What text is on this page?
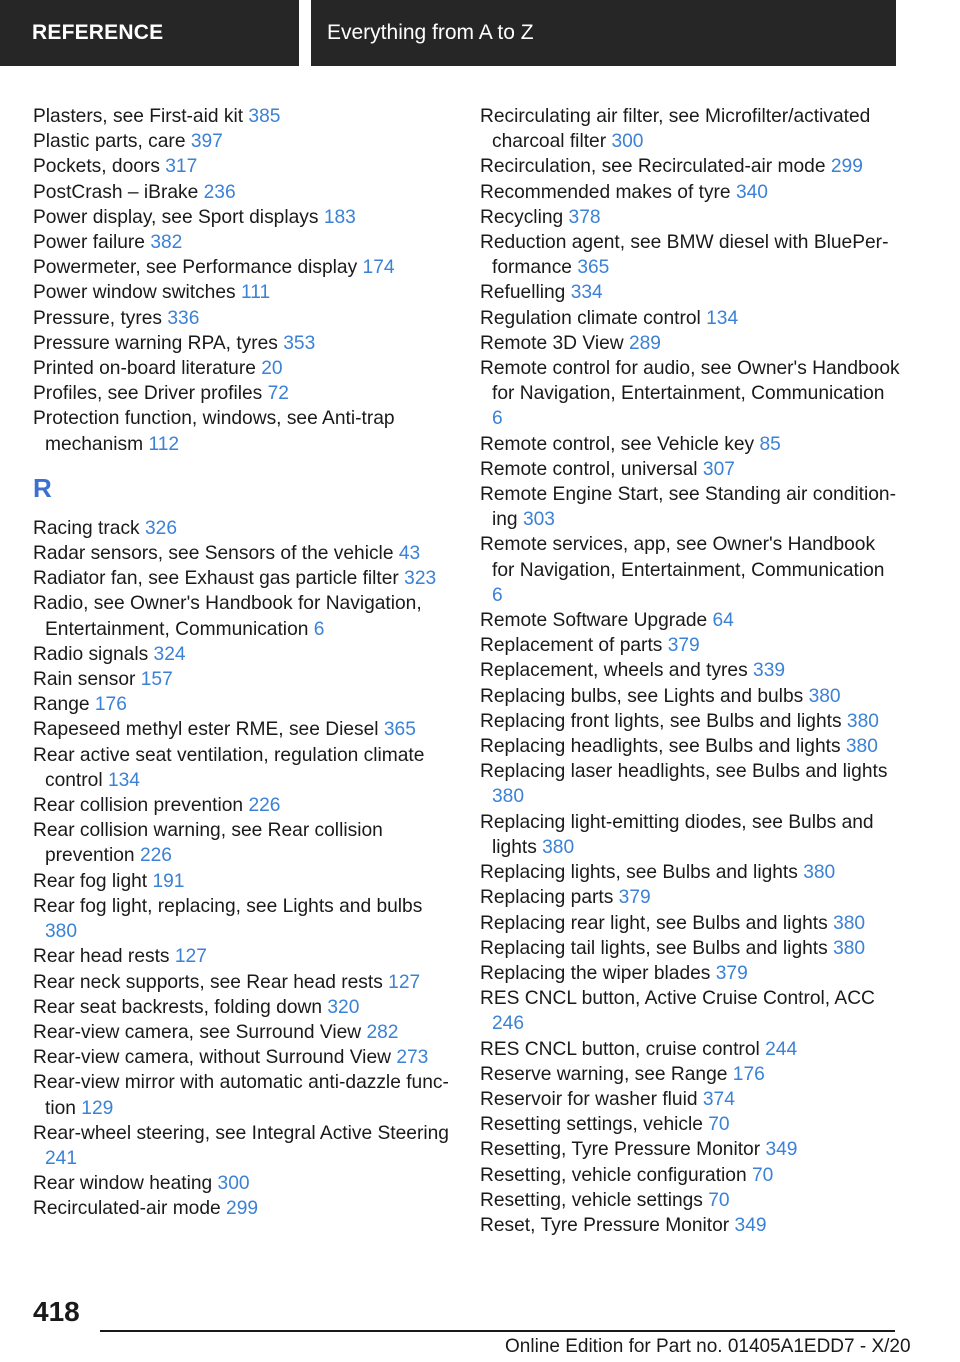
REFERENCE	Everything from A to Z
Plasters, see First-aid kit 385
Plastic parts, care 397
Pockets, doors 317
PostCrash – iBrake 236
Power display, see Sport displays 183
Power failure 382
Powermeter, see Performance display 174
Power window switches 111
Pressure, tyres 336
Pressure warning RPA, tyres 353
Printed on-board literature 20
Profiles, see Driver profiles 72
Protection function, windows, see Anti-trap mechanism 112
R
Racing track 326
Radar sensors, see Sensors of the vehicle 43
Radiator fan, see Exhaust gas particle filter 323
Radio, see Owner's Handbook for Navigation, Entertainment, Communication 6
Radio signals 324
Rain sensor 157
Range 176
Rapeseed methyl ester RME, see Diesel 365
Rear active seat ventilation, regulation climate control 134
Rear collision prevention 226
Rear collision warning, see Rear collision prevention 226
Rear fog light 191
Rear fog light, replacing, see Lights and bulbs 380
Rear head rests 127
Rear neck supports, see Rear head rests 127
Rear seat backrests, folding down 320
Rear-view camera, see Surround View 282
Rear-view camera, without Surround View 273
Rear-view mirror with automatic anti-dazzle function 129
Rear-wheel steering, see Integral Active Steering 241
Rear window heating 300
Recirculated-air mode 299
Recirculating air filter, see Microfilter/activated charcoal filter 300
Recirculation, see Recirculated-air mode 299
Recommended makes of tyre 340
Recycling 378
Reduction agent, see BMW diesel with BluePerformance 365
Refuelling 334
Regulation climate control 134
Remote 3D View 289
Remote control for audio, see Owner's Handbook for Navigation, Entertainment, Communication 6
Remote control, see Vehicle key 85
Remote control, universal 307
Remote Engine Start, see Standing air conditioning 303
Remote services, app, see Owner's Handbook for Navigation, Entertainment, Communication 6
Remote Software Upgrade 64
Replacement of parts 379
Replacement, wheels and tyres 339
Replacing bulbs, see Lights and bulbs 380
Replacing front lights, see Bulbs and lights 380
Replacing headlights, see Bulbs and lights 380
Replacing laser headlights, see Bulbs and lights 380
Replacing light-emitting diodes, see Bulbs and lights 380
Replacing lights, see Bulbs and lights 380
Replacing parts 379
Replacing rear light, see Bulbs and lights 380
Replacing tail lights, see Bulbs and lights 380
Replacing the wiper blades 379
RES CNCL button, Active Cruise Control, ACC 246
RES CNCL button, cruise control 244
Reserve warning, see Range 176
Reservoir for washer fluid 374
Resetting settings, vehicle 70
Resetting, Tyre Pressure Monitor 349
Resetting, vehicle configuration 70
Resetting, vehicle settings 70
Reset, Tyre Pressure Monitor 349
418
Online Edition for Part no. 01405A1EDD7 - X/20
